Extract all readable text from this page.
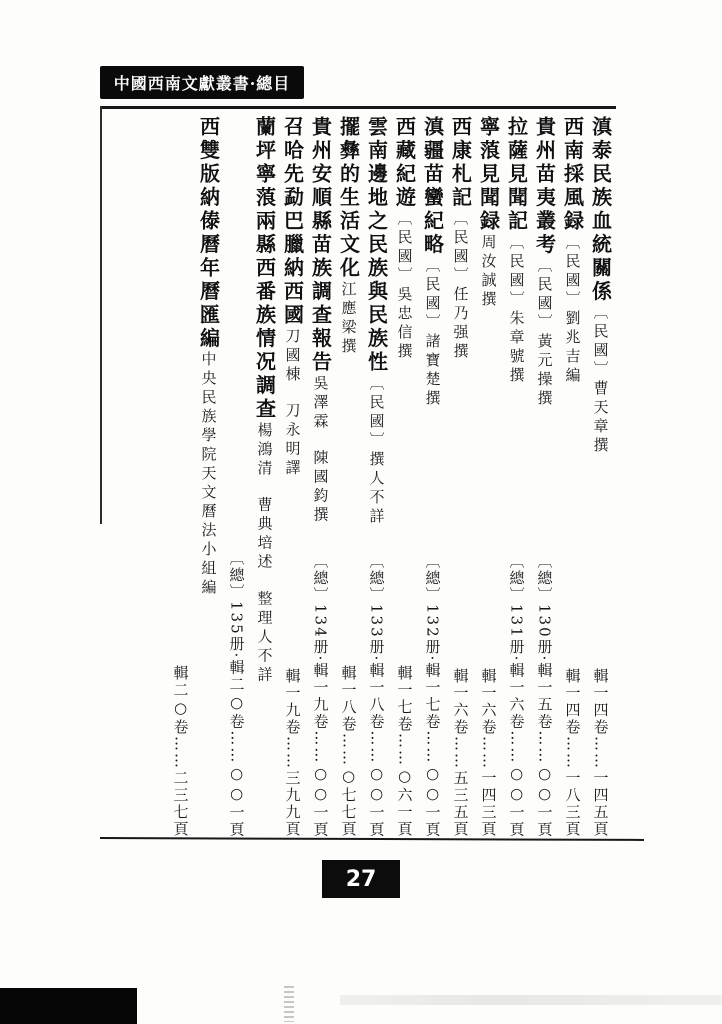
中國西南文獻叢書·總目
滇泰民族血統關係〔民國〕曹天章撰
輯一四卷……一四五頁
西南採風録〔民國〕劉兆吉編
輯一四卷……一八三頁
貴州苗夷叢考〔民國〕黃元操撰
〔總〕130册·輯一五卷……○○一頁
拉薩見聞記〔民國〕朱章號撰
〔總〕131册·輯一六卷……○○一頁
寧蒗見聞録周汝誠撰
輯一六卷……一四三頁
西康札記〔民國〕任乃强撰
輯一六卷……五三五頁
滇疆苗蠻紀略〔民國〕諸寶楚撰
〔總〕132册·輯一七卷……○○一頁
西藏紀遊〔民國〕吳忠信撰
輯一七卷……○六一頁
雲南邊地之民族與民族性〔民國〕撰人不詳
〔總〕133册·輯一八卷……○○一頁
擺彝的生活文化江應梁撰
輯一八卷……○七七頁
貴州安順縣苗族調查報告吳澤霖  陳國鈞撰
〔總〕134册·輯一九卷……○○一頁
召哈先勐巴臘納西國刀國棟  刀永明譯
輯一九卷……三九九頁
蘭坪寧蒗兩縣西番族情况調查楊鴻清  曹典培述  整理人不詳
〔總〕135册·輯二○卷……○○一頁
西雙版納傣曆年曆匯編中央民族學院天文曆法小組編
輯二○卷……二三七頁
27
